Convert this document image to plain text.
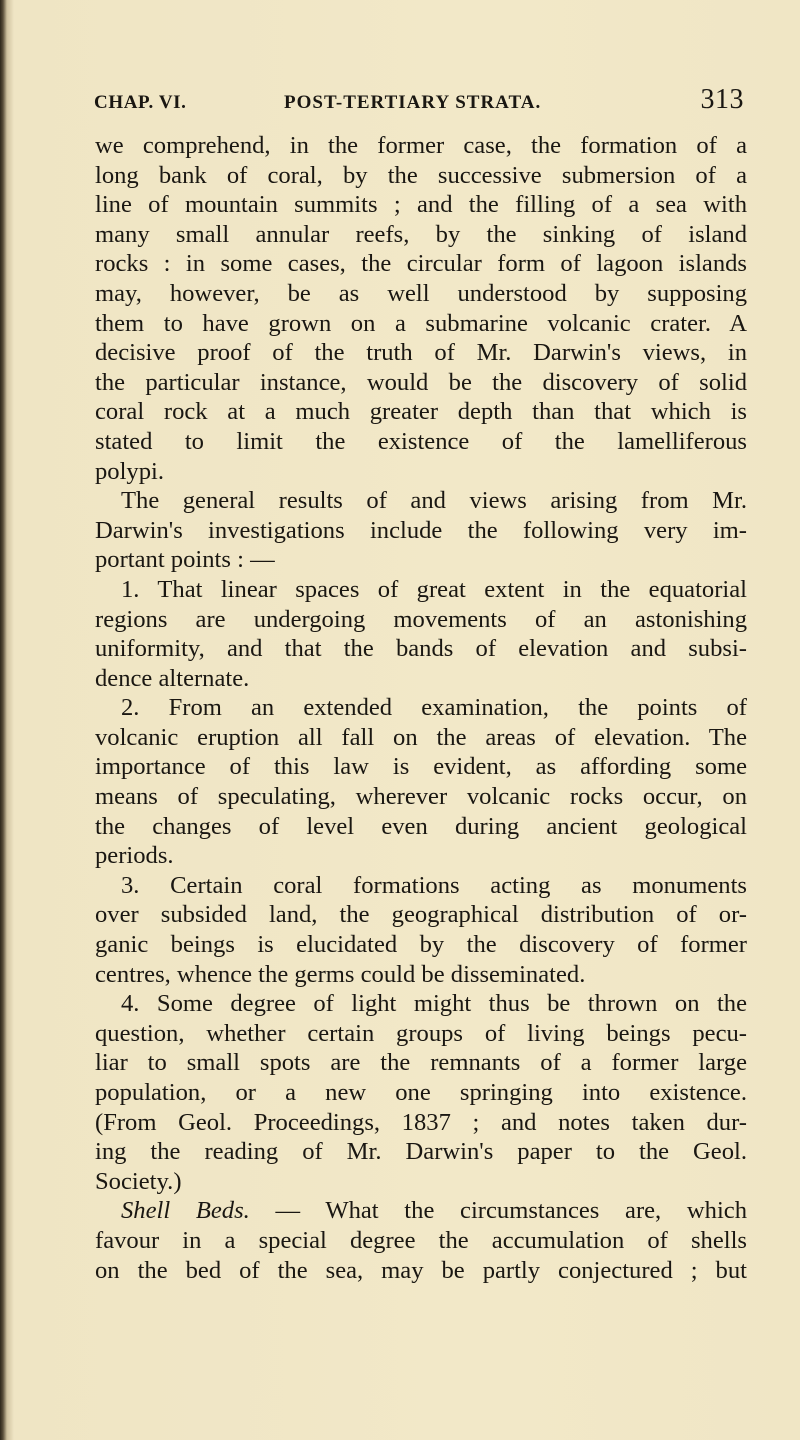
CHAP. VI.	POST-TERTIARY STRATA.	313
we comprehend, in the former case, the formation of a
long bank of coral, by the successive submersion of a
line of mountain summits ; and the filling of a sea with
many small annular reefs, by the sinking of island
rocks : in some cases, the circular form of lagoon islands
may, however, be as well understood by supposing
them to have grown on a submarine volcanic crater. A
decisive proof of the truth of Mr. Darwin's views, in
the particular instance, would be the discovery of solid
coral rock at a much greater depth than that which is
stated to limit the existence of the lamelliferous
polypi.
The general results of and views arising from Mr.
Darwin's investigations include the following very im-
portant points : —
1. That linear spaces of great extent in the equatorial
regions are undergoing movements of an astonishing
uniformity, and that the bands of elevation and subsi-
dence alternate.
2. From an extended examination, the points of
volcanic eruption all fall on the areas of elevation. The
importance of this law is evident, as affording some
means of speculating, wherever volcanic rocks occur, on
the changes of level even during ancient geological
periods.
3. Certain coral formations acting as monuments
over subsided land, the geographical distribution of or-
ganic beings is elucidated by the discovery of former
centres, whence the germs could be disseminated.
4. Some degree of light might thus be thrown on the
question, whether certain groups of living beings pecu-
liar to small spots are the remnants of a former large
population, or a new one springing into existence.
(From Geol. Proceedings, 1837 ; and notes taken dur-
ing the reading of Mr. Darwin's paper to the Geol.
Society.)
Shell Beds. — What the circumstances are, which
favour in a special degree the accumulation of shells
on the bed of the sea, may be partly conjectured ; but
